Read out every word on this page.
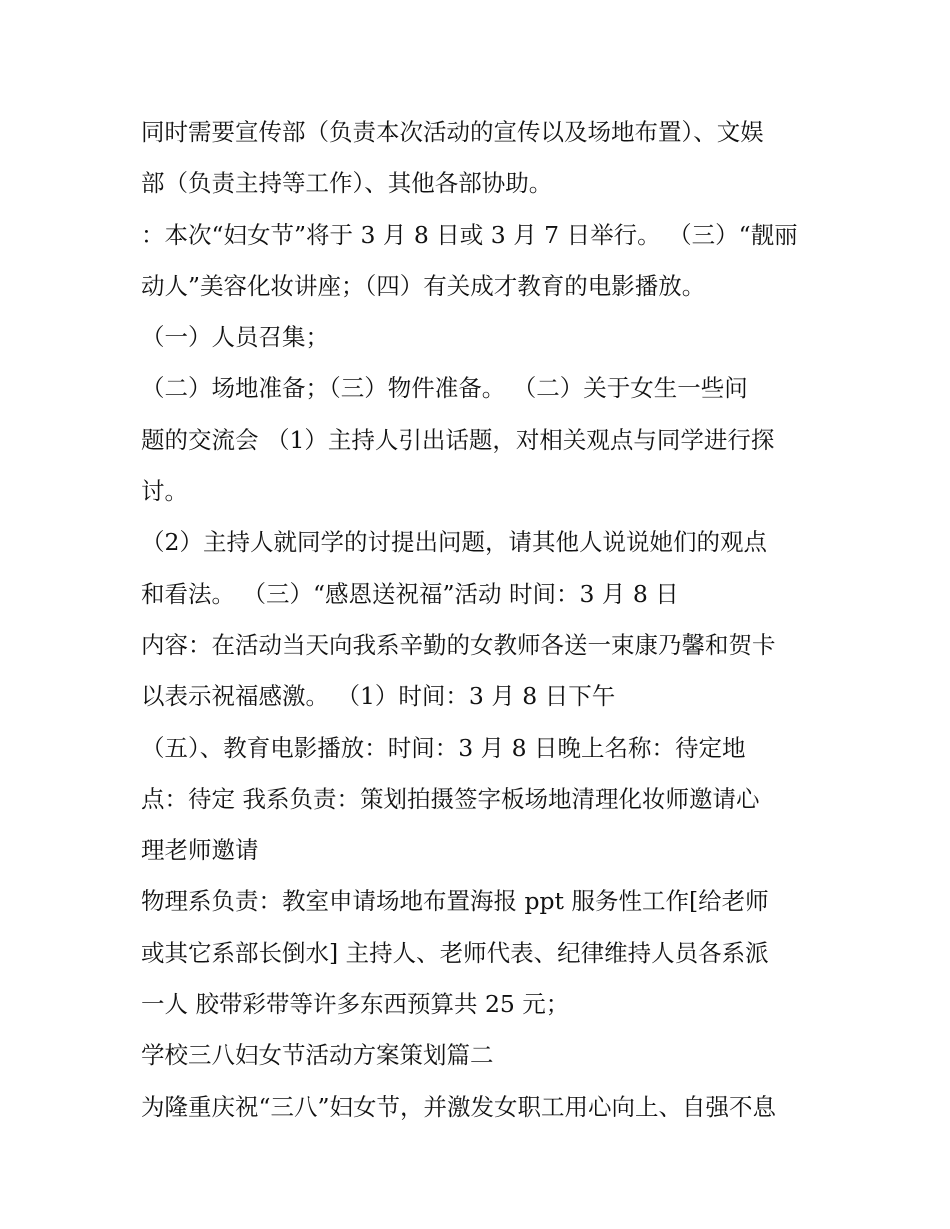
同时需要宣传部（负责本次活动的宣传以及场地布置）、文娱
部（负责主持等工作）、其他各部协助。
：本次“妇女节”将于 3 月 8 日或 3 月 7 日举行。 （三）“靓丽
动人”美容化妆讲座；（四）有关成才教育的电影播放。
（一）人员召集；
（二）场地准备；（三）物件准备。 （二）关于女生一些问
题的交流会 （1）主持人引出话题，对相关观点与同学进行探
讨。
（2）主持人就同学的讨提出问题，请其他人说说她们的观点
和看法。 （三）“感恩送祝福”活动 时间：3 月 8 日
内容：在活动当天向我系辛勤的女教师各送一束康乃馨和贺卡
以表示祝福感激。 （1）时间：3 月 8 日下午
（五）、教育电影播放：时间：3 月 8 日晚上名称：待定地
点：待定 我系负责：策划拍摄签字板场地清理化妆师邀请心
理老师邀请
物理系负责：教室申请场地布置海报 ppt 服务性工作[给老师
或其它系部长倒水] 主持人、老师代表、纪律维持人员各系派
一人 胶带彩带等许多东西预算共 25 元；
学校三八妇女节活动方案策划篇二
为隆重庆祝“三八”妇女节，并激发女职工用心向上、自强不息
